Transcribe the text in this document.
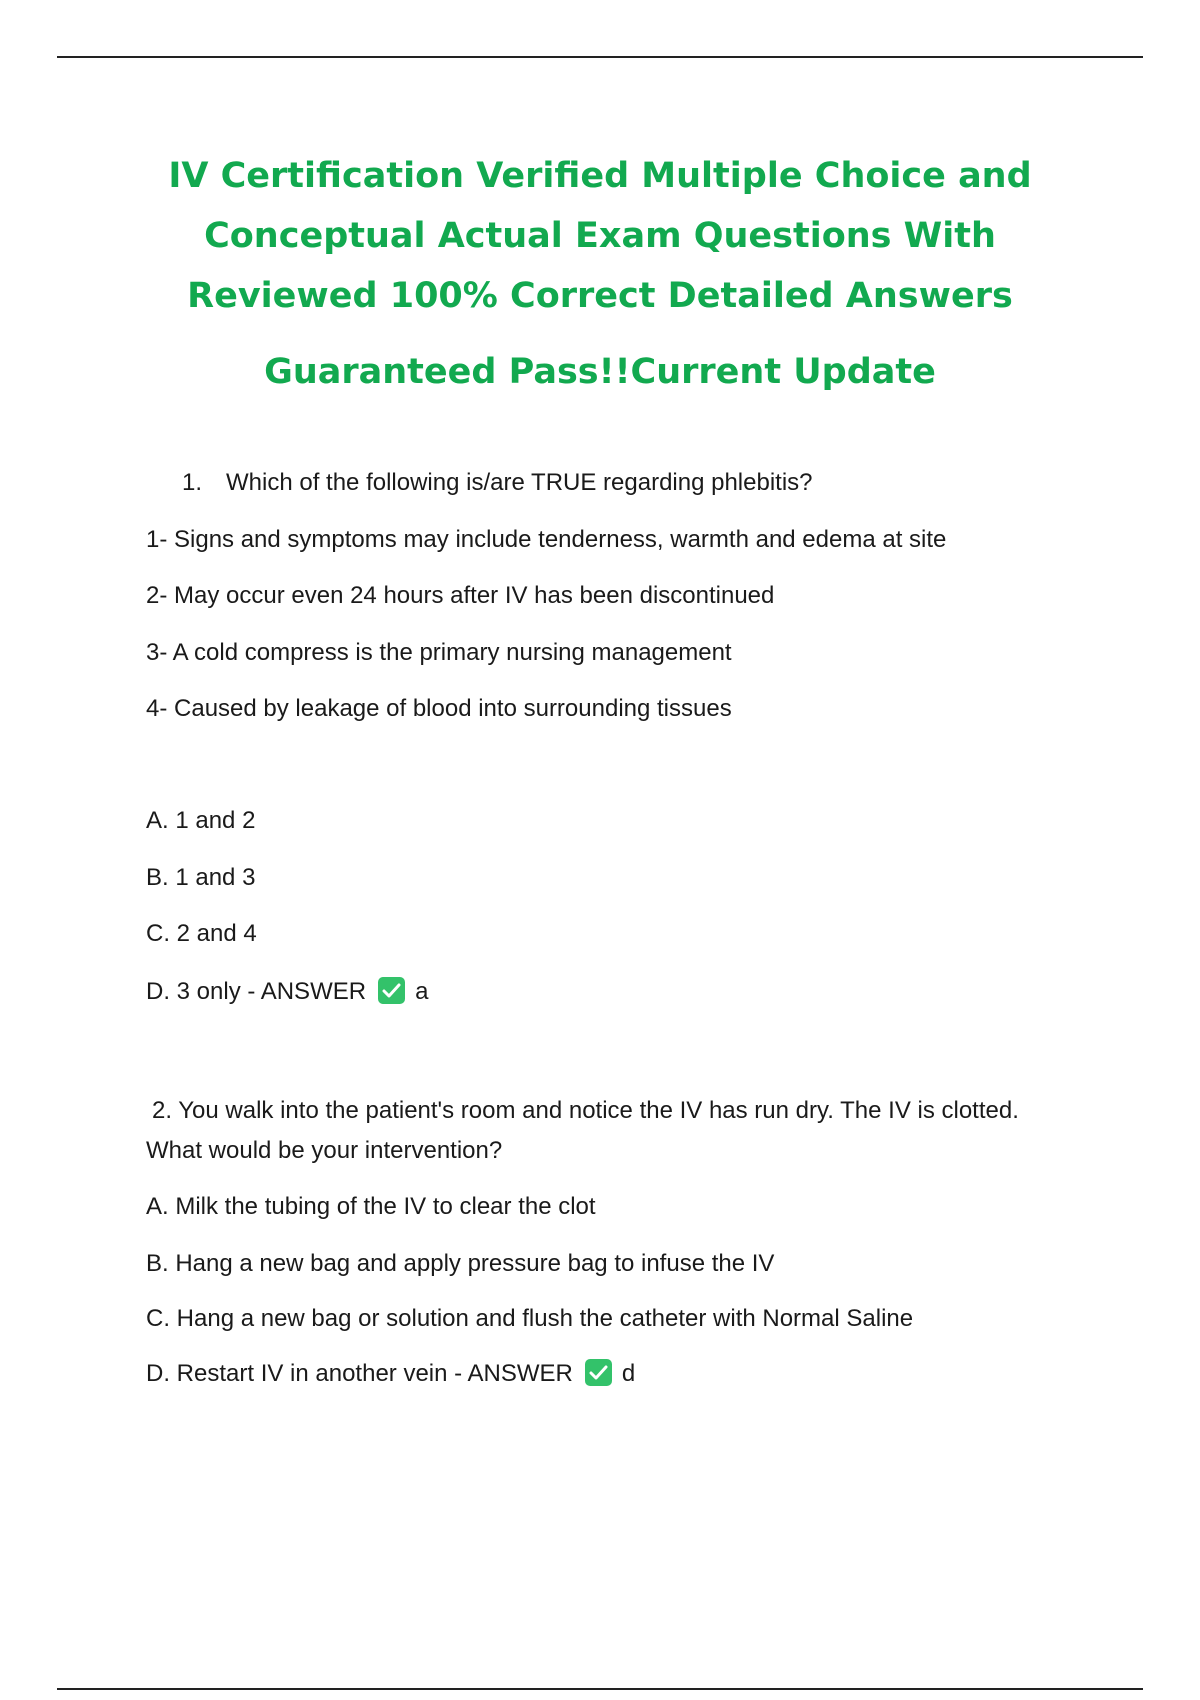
IV Certification Verified Multiple Choice and
Conceptual Actual Exam Questions With
Reviewed 100% Correct Detailed Answers
Guaranteed Pass!!Current Update
1. Which of the following is/are TRUE regarding phlebitis?
1- Signs and symptoms may include tenderness, warmth and edema at site
2- May occur even 24 hours after IV has been discontinued
3- A cold compress is the primary nursing management
4- Caused by leakage of blood into surrounding tissues
A. 1 and 2
B. 1 and 3
C. 2 and 4
D. 3 only - ANSWER a
2. You walk into the patient's room and notice the IV has run dry. The IV is clotted.
What would be your intervention?
A. Milk the tubing of the IV to clear the clot
B. Hang a new bag and apply pressure bag to infuse the IV
C. Hang a new bag or solution and flush the catheter with Normal Saline
D. Restart IV in another vein - ANSWER d
